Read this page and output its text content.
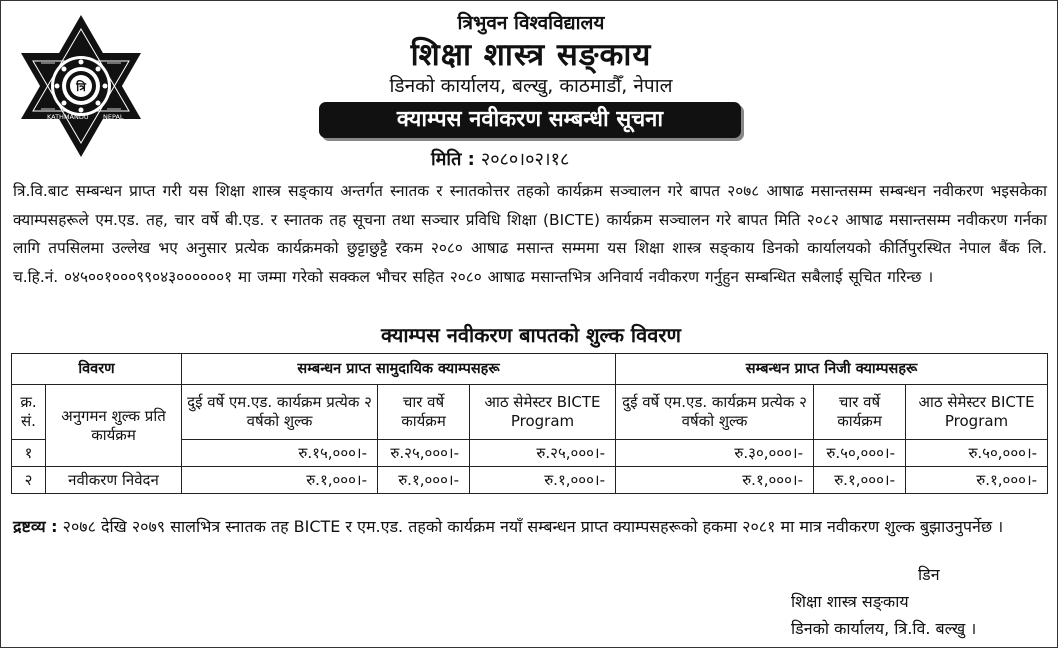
त्रि
KATHMANDU NEPAL
त्रिभुवन विश्वविद्यालय
शिक्षा शास्त्र सङ्‌काय
डिनको कार्यालय, बल्खु, काठमाडौँ, नेपाल
क्याम्पस नवीकरण सम्बन्धी सूचना
मिति : २०८०।०२।१८
त्रि.वि.बाट सम्बन्धन प्राप्त गरी यस शिक्षा शास्त्र सङ्‌काय अन्तर्गत स्नातक र स्नातकोत्तर तहको कार्यक्रम सञ्चालन गरे बापत २०७८ आषाढ मसान्तसम्म सम्बन्धन नवीकरण भइसकेका क्याम्पसहरूले एम.एड. तह, चार वर्षे बी.एड. र स्नातक तह सूचना तथा सञ्चार प्रविधि शिक्षा (BICTE) कार्यक्रम सञ्चालन गरे बापत मिति २०८२ आषाढ मसान्तसम्म नवीकरण गर्नका लागि तपसिलमा उल्लेख भए अनुसार प्रत्येक कार्यक्रमको छुट्टाछुट्टै रकम २०८० आषाढ मसान्त सम्ममा यस शिक्षा शास्त्र सङ्‌काय डिनको कार्यालयको कीर्तिपुरस्थित नेपाल बैंक लि. च.हि.नं. ०४५००१०००९९०४३००००००१ मा जम्मा गरेको सक्कल भौचर सहित २०८० आषाढ मसान्तभित्र अनिवार्य नवीकरण गर्नुहुन सम्बन्धित सबैलाई सूचित गरिन्छ ।
क्याम्पस नवीकरण बापतको शुल्क विवरण
विवरण		सम्बन्धन प्राप्त सामुदायिक क्याम्पसहरू			सम्बन्धन प्राप्त निजी क्याम्पसहरू		
क्र. सं.	अनुगमन शुल्क प्रति कार्यक्रम	दुई वर्षे एम.एड. कार्यक्रम प्रत्येक २ वर्षको शुल्क	चार वर्षे कार्यक्रम	आठ सेमेस्टर BICTE Program	दुई वर्षे एम.एड. कार्यक्रम प्रत्येक २ वर्षको शुल्क	चार वर्षे कार्यक्रम	आठ सेमेस्टर BICTE Program
१		रु.१५,०००।-	रु.२५,०००।-	रु.२५,०००।-	रु.३०,०००।-	रु.५०,०००।-	रु.५०,०००।-
२	नवीकरण निवेदन	रु.१,०००।-	रु.१,०००।-	रु.१,०००।-	रु.१,०००।-	रु.१,०००।-	रु.१,०००।-
द्रष्टव्य : २०७८ देखि २०७९ सालभित्र स्नातक तह BICTE र एम.एड. तहको कार्यक्रम नयाँ सम्बन्धन प्राप्त क्याम्पसहरूको हकमा २०८१ मा मात्र नवीकरण शुल्क बुझाउनुपर्नेछ ।
डिन
शिक्षा शास्त्र सङ्‌काय
डिनको कार्यालय, त्रि.वि. बल्खु ।
